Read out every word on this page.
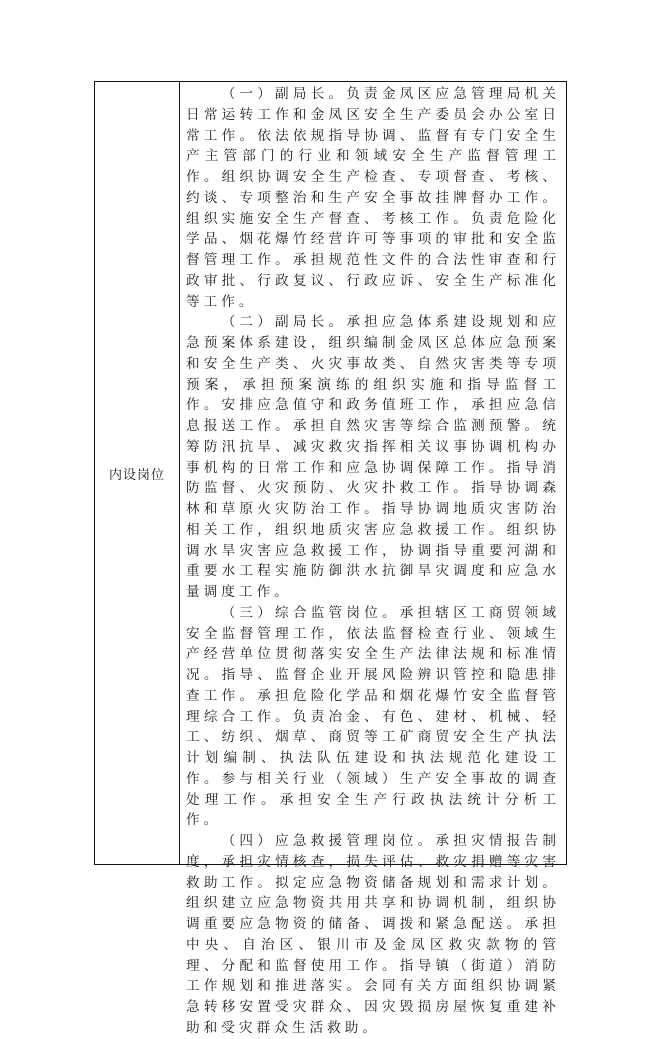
内设岗位

（一）副局长。负责金凤区应急管理局机关日常运转工作和金凤区安全生产委员会办公室日常工作。依法依规指导协调、监督有专门安全生产主管部门的行业和领域安全生产监督管理工作。组织协调安全生产检查、专项督查、考核、约谈、专项整治和生产安全事故挂牌督办工作。组织实施安全生产督查、考核工作。负责危险化学品、烟花爆竹经营许可等事项的审批和安全监督管理工作。承担规范性文件的合法性审查和行政审批、行政复议、行政应诉、安全生产标准化等工作。

（二）副局长。承担应急体系建设规划和应急预案体系建设，组织编制金凤区总体应急预案和安全生产类、火灾事故类、自然灾害类等专项预案，承担预案演练的组织实施和指导监督工作。安排应急值守和政务值班工作，承担应急信息报送工作。承担自然灾害等综合监测预警。统筹防汛抗旱、减灾救灾指挥相关议事协调机构办事机构的日常工作和应急协调保障工作。指导消防监督、火灾预防、火灾扑救工作。指导协调森林和草原火灾防治工作。指导协调地质灾害防治相关工作，组织地质灾害应急救援工作。组织协调水旱灾害应急救援工作，协调指导重要河湖和重要水工程实施防御洪水抗御旱灾调度和应急水量调度工作。

（三）综合监管岗位。承担辖区工商贸领域安全监督管理工作，依法监督检查行业、领域生产经营单位贯彻落实安全生产法律法规和标准情况。指导、监督企业开展风险辨识管控和隐患排查工作。承担危险化学品和烟花爆竹安全监督管理综合工作。负责冶金、有色、建材、机械、轻工、纺织、烟草、商贸等工矿商贸安全生产执法计划编制、执法队伍建设和执法规范化建设工作。参与相关行业（领域）生产安全事故的调查处理工作。承担安全生产行政执法统计分析工作。

（四）应急救援管理岗位。承担灾情报告制度，承担灾情核查，损失评估、救灾捐赠等灾害救助工作。拟定应急物资储备规划和需求计划。组织建立应急物资共用共享和协调机制，组织协调重要应急物资的储备、调拨和紧急配送。承担中央、自治区、银川市及金凤区救灾款物的管理、分配和监督使用工作。指导镇（街道）消防工作规划和推进落实。会同有关方面组织协调紧急转移安置受灾群众、因灾毁损房屋恢复重建补助和受灾群众生活救助。
